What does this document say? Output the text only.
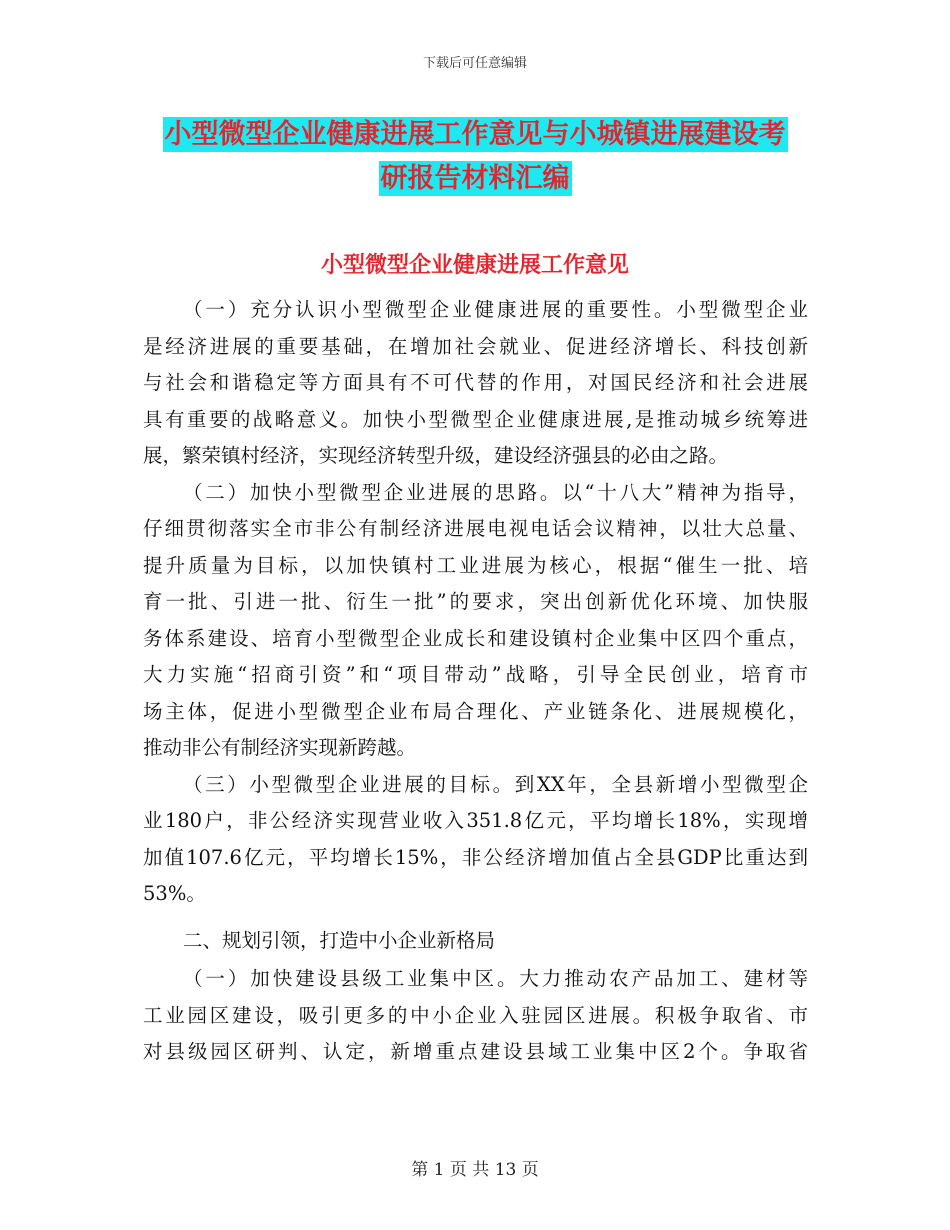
下载后可任意编辑
小型微型企业健康进展工作意见与小城镇进展建设考
研报告材料汇编
小型微型企业健康进展工作意见
（一）充分认识小型微型企业健康进展的重要性。小型微型企业
是经济进展的重要基础，在增加社会就业、促进经济增长、科技创新
与社会和谐稳定等方面具有不可代替的作用，对国民经济和社会进展
具有重要的战略意义。加快小型微型企业健康进展,是推动城乡统筹进
展，繁荣镇村经济，实现经济转型升级，建设经济强县的必由之路。
（二）加快小型微型企业进展的思路。以“十八大”精神为指导，
仔细贯彻落实全市非公有制经济进展电视电话会议精神，以壮大总量、
提升质量为目标，以加快镇村工业进展为核心，根据“催生一批、培
育一批、引进一批、衍生一批”的要求，突出创新优化环境、加快服
务体系建设、培育小型微型企业成长和建设镇村企业集中区四个重点，
大力实施“招商引资”和“项目带动”战略，引导全民创业，培育市
场主体，促进小型微型企业布局合理化、产业链条化、进展规模化，
推动非公有制经济实现新跨越。
（三）小型微型企业进展的目标。到XX年，全县新增小型微型企
业180户，非公经济实现营业收入351.8亿元，平均增长18%，实现增
加值107.6亿元，平均增长15%，非公经济增加值占全县GDP比重达到
53%。
二、规划引领，打造中小企业新格局
（一）加快建设县级工业集中区。大力推动农产品加工、建材等
工业园区建设，吸引更多的中小企业入驻园区进展。积极争取省、市
对县级园区研判、认定，新增重点建设县域工业集中区2个。争取省
第 1 页 共 13 页
